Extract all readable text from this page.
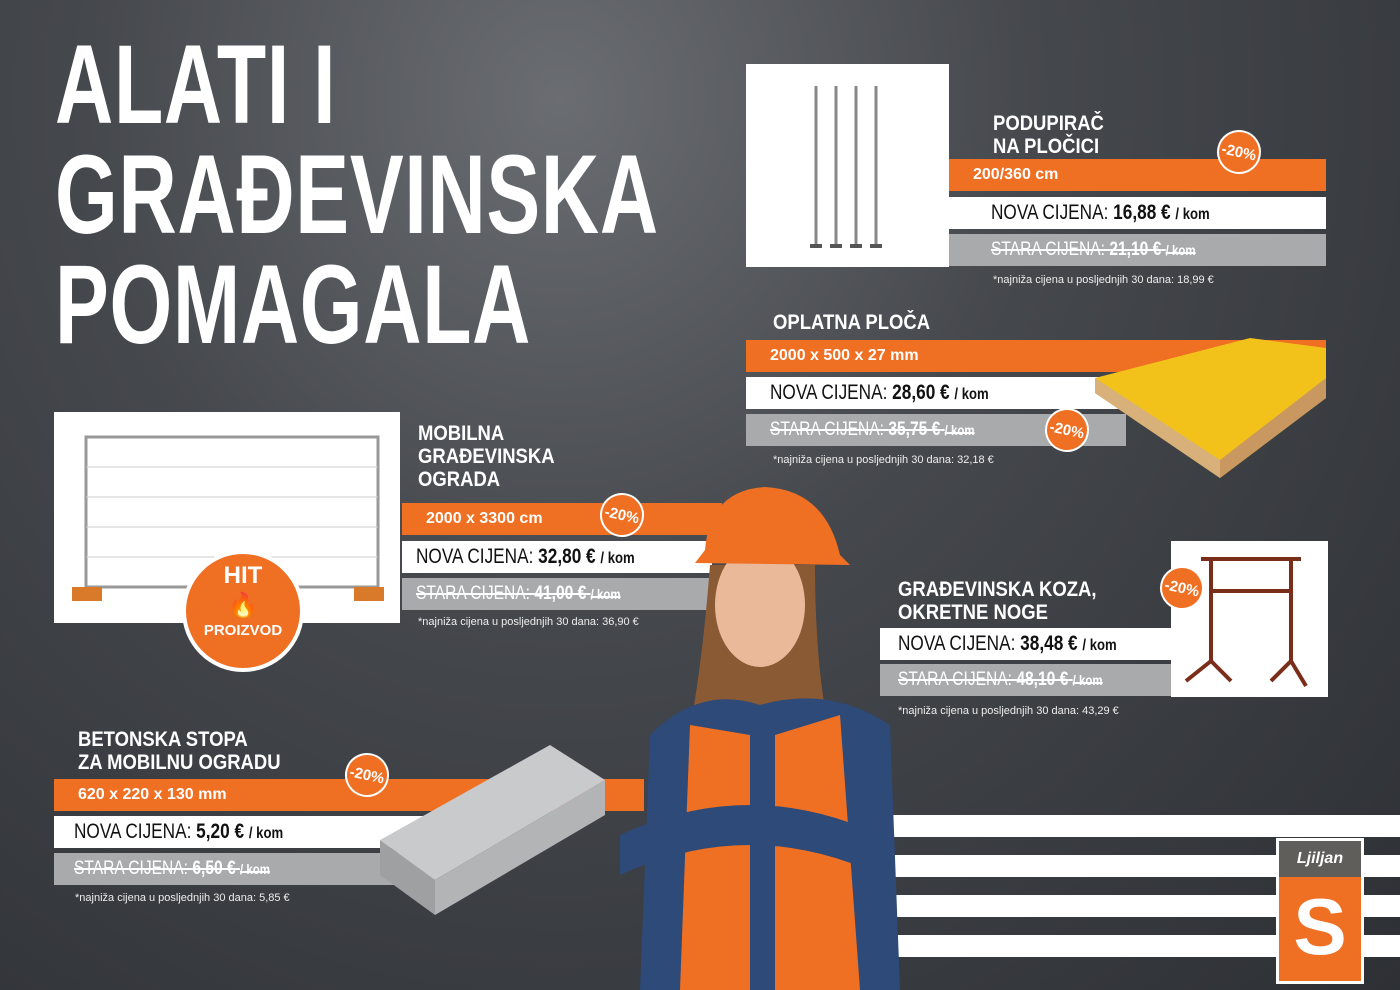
ALATI I
GRAĐEVINSKA
POMAGALA
PODUPIRAČ
NA PLOČICI
200/360 cm
NOVA CIJENA: 16,88 € / kom
STARA CIJENA: 21,10 € / kom
*najniža cijena u posljednjih 30 dana: 18,99 €
-20%
OPLATNA PLOČA
2000 x 500 x 27 mm
NOVA CIJENA: 28,60 € / kom
STARA CIJENA: 35,75 € / kom
*najniža cijena u posljednjih 30 dana: 32,18 €
-20%
MOBILNA
GRAĐEVINSKA
OGRADA
2000 x 3300 cm
NOVA CIJENA: 32,80 € / kom
STARA CIJENA: 41,00 € / kom
*najniža cijena u posljednjih 30 dana: 36,90 €
-20%
HIT
🔥
PROIZVOD
GRAĐEVINSKA KOZA,
OKRETNE NOGE
NOVA CIJENA: 38,48 € / kom
STARA CIJENA: 48,10 € / kom
*najniža cijena u posljednjih 30 dana: 43,29 €
-20%
BETONSKA STOPA
ZA MOBILNU OGRADU
620 x 220 x 130 mm
NOVA CIJENA: 5,20 € / kom
STARA CIJENA: 6,50 € / kom
*najniža cijena u posljednjih 30 dana: 5,85 €
-20%
Ljiljan
S
